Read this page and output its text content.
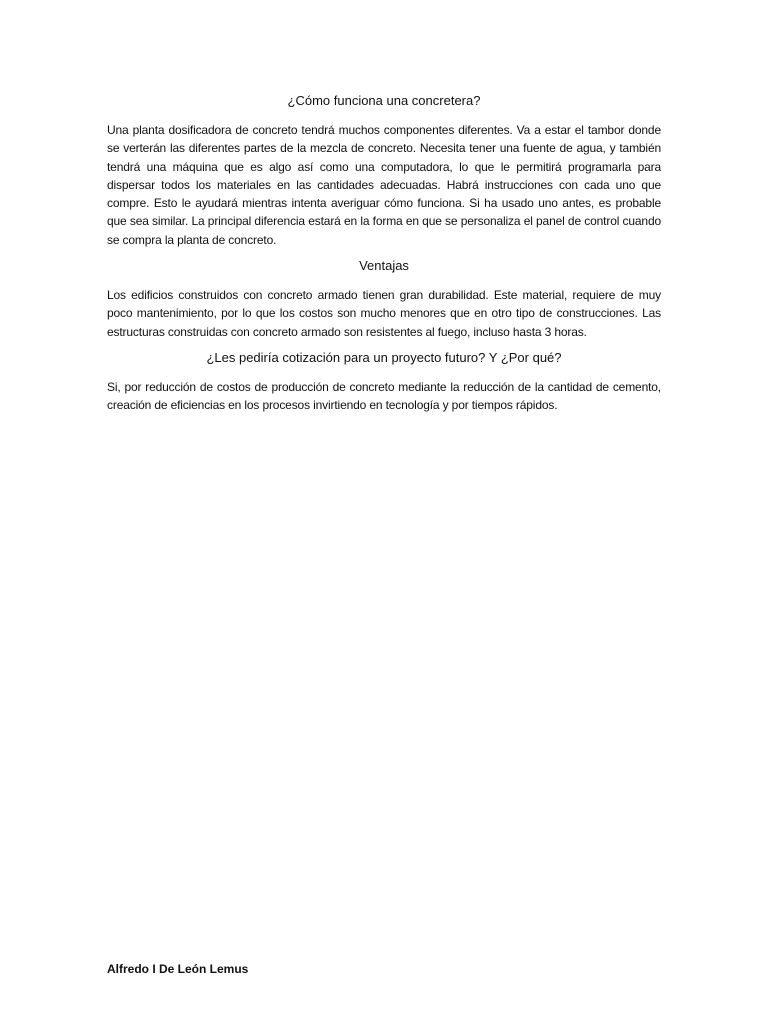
¿Cómo funciona una concretera?

Una planta dosificadora de concreto tendrá muchos componentes diferentes. Va a estar el tambor donde se verterán las diferentes partes de la mezcla de concreto. Necesita tener una fuente de agua, y también tendrá una máquina que es algo así como una computadora, lo que le permitirá programarla para dispersar todos los materiales en las cantidades adecuadas. Habrá instrucciones con cada uno que compre. Esto le ayudará mientras intenta averiguar cómo funciona. Si ha usado uno antes, es probable que sea similar. La principal diferencia estará en la forma en que se personaliza el panel de control cuando se compra la planta de concreto.

Ventajas

Los edificios construidos con concreto armado tienen gran durabilidad. Este material, requiere de muy poco mantenimiento, por lo que los costos son mucho menores que en otro tipo de construcciones. Las estructuras construidas con concreto armado son resistentes al fuego, incluso hasta 3 horas.

¿Les pediría cotización para un proyecto futuro? Y ¿Por qué?

Si, por reducción de costos de producción de concreto mediante la reducción de la cantidad de cemento, creación de eficiencias en los procesos invirtiendo en tecnología y por tiempos rápidos.

Alfredo I De León Lemus
